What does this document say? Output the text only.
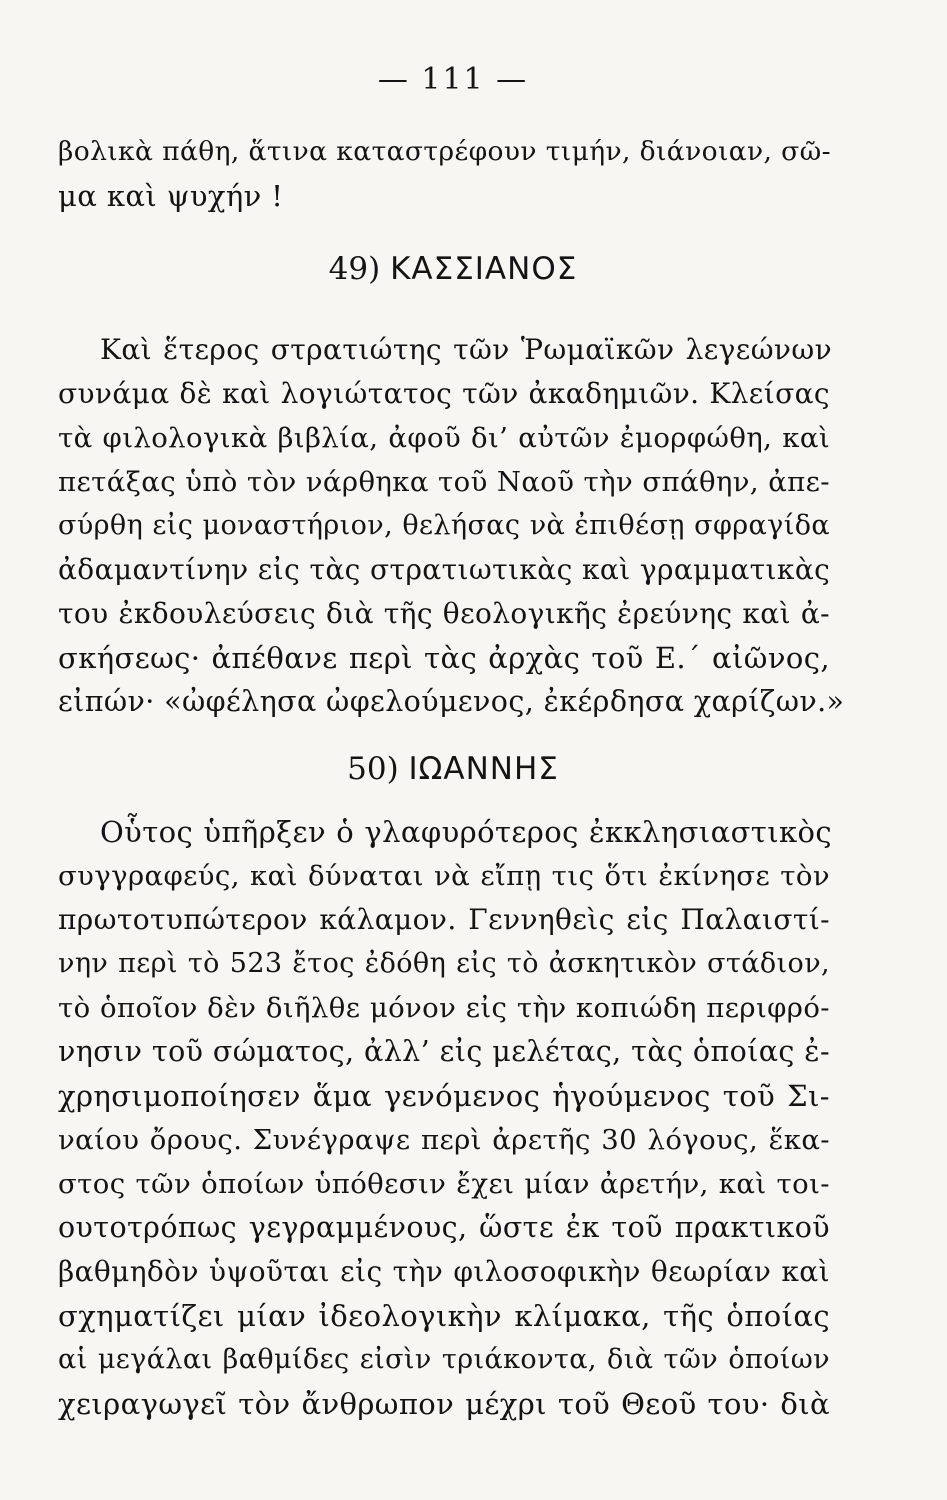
— 111 —
βολικὰ πάθη, ἅτινα καταστρέφουν τιμήν, διάνοιαν, σῶ-
μα καὶ ψυχήν !
49) ΚΑΣΣΙΑΝΟΣ
Καὶ ἕτερος στρατιώτης τῶν Ῥωμαϊκῶν λεγεώνων
συνάμα δὲ καὶ λογιώτατος τῶν ἀκαδημιῶν. Κλείσας
τὰ φιλολογικὰ βιβλία, ἀφοῦ δι’ αὐτῶν ἐμορφώθη, καὶ
πετάξας ὑπὸ τὸν νάρθηκα τοῦ Ναοῦ τὴν σπάθην, ἀπε-
σύρθη εἰς μοναστήριον, θελήσας νὰ ἐπιθέσῃ σφραγίδα
ἀδαμαντίνην εἰς τὰς στρατιωτικὰς καὶ γραμματικὰς
του ἐκδουλεύσεις διὰ τῆς θεολογικῆς ἐρεύνης καὶ ἀ-
σκήσεως· ἀπέθανε περὶ τὰς ἀρχὰς τοῦ Ε.΄ αἰῶνος,
εἰπών· «ὠφέλησα ὠφελούμενος, ἐκέρδησα χαρίζων.»
50) ΙΩΑΝΝΗΣ
Οὗτος ὑπῆρξεν ὁ γλαφυρότερος ἐκκλησιαστικὸς
συγγραφεύς, καὶ δύναται νὰ εἴπῃ τις ὅτι ἐκίνησε τὸν
πρωτοτυπώτερον κάλαμον. Γεννηθεὶς εἰς Παλαιστί-
νην περὶ τὸ 523 ἔτος ἐδόθη εἰς τὸ ἀσκητικὸν στάδιον,
τὸ ὁποῖον δὲν διῆλθε μόνον εἰς τὴν κοπιώδη περιφρό-
νησιν τοῦ σώματος, ἀλλ’ εἰς μελέτας, τὰς ὁποίας ἐ-
χρησιμοποίησεν ἅμα γενόμενος ἡγούμενος τοῦ Σι-
ναίου ὄρους. Συνέγραψε περὶ ἀρετῆς 30 λόγους, ἕκα-
στος τῶν ὁποίων ὑπόθεσιν ἔχει μίαν ἀρετήν, καὶ τοι-
ουτοτρόπως γεγραμμένους, ὥστε ἐκ τοῦ πρακτικοῦ
βαθμηδὸν ὑψοῦται εἰς τὴν φιλοσοφικὴν θεωρίαν καὶ
σχηματίζει μίαν ἰδεολογικὴν κλίμακα, τῆς ὁποίας
αἱ μεγάλαι βαθμίδες εἰσὶν τριάκοντα, διὰ τῶν ὁποίων
χειραγωγεῖ τὸν ἄνθρωπον μέχρι τοῦ Θεοῦ του· διὰ
